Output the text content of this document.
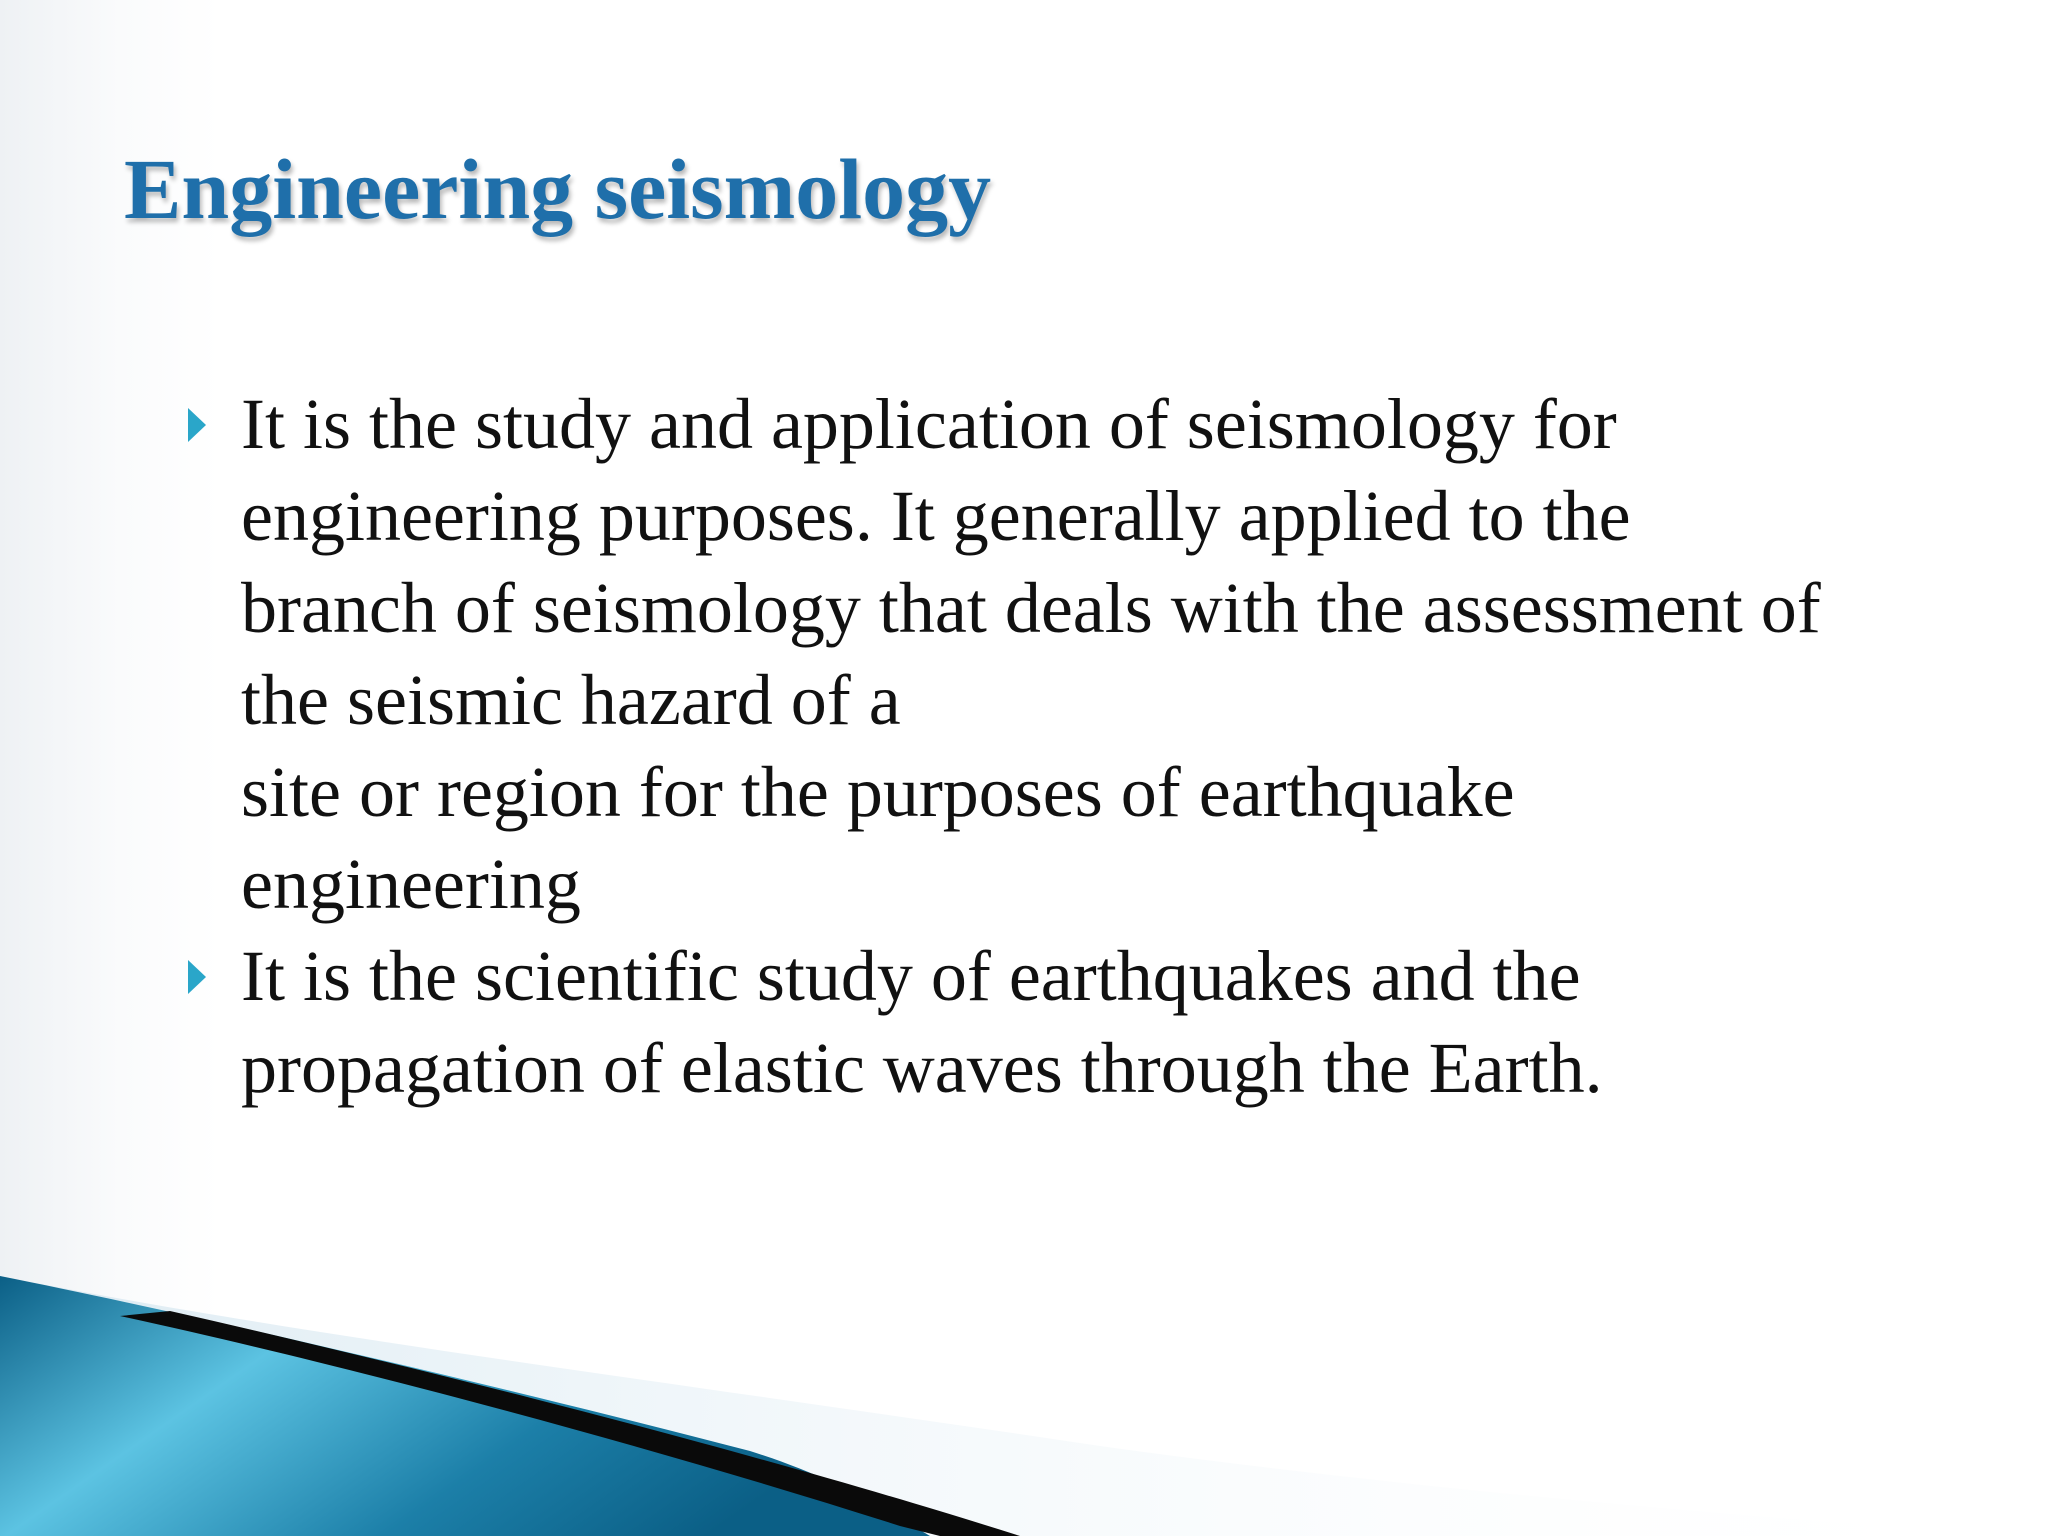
Engineering seismology
It is the study and application of seismology for
engineering purposes. It generally applied to the
branch of seismology that deals with the assessment of
the seismic hazard of a
site or region for the purposes of earthquake
engineering
It is the scientific study of earthquakes and the
propagation of elastic waves through the Earth.
